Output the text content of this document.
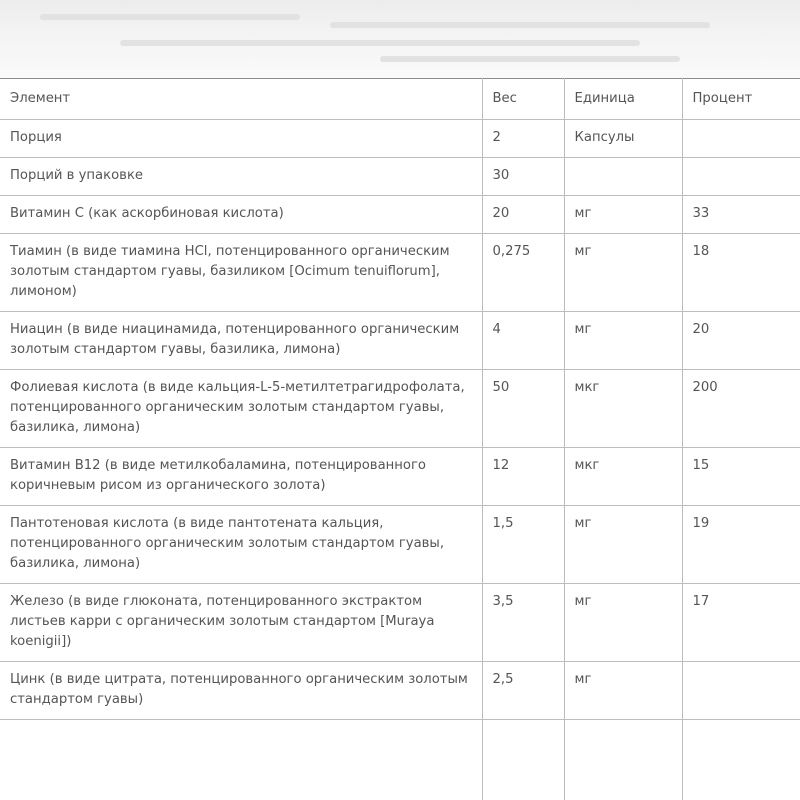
Элемент	Вес	Единица	Процент
Порция	2	Капсулы	
Порций в упаковке	30		
Витамин С (как аскорбиновая кислота)	20	мг	33
Тиамин (в виде тиамина HCl, потенцированного органическим золотым стандартом гуавы, базиликом [Ocimum tenuiflorum], лимоном)	0,275	мг	18
Ниацин (в виде ниацинамида, потенцированного органическим золотым стандартом гуавы, базилика, лимона)	4	мг	20
Фолиевая кислота (в виде кальция-L-5-метилтетрагидрофолата, потенцированного органическим золотым стандартом гуавы, базилика, лимона)	50	мкг	200
Витамин B12 (в виде метилкобаламина, потенцированного коричневым рисом из органического золота)	12	мкг	15
Пантотеновая кислота (в виде пантотената кальция, потенцированного органическим золотым стандартом гуавы, базилика, лимона)	1,5	мг	19
Железо (в виде глюконата, потенцированного экстрактом листьев карри с органическим золотым стандартом [Muraya koenigii])	3,5	мг	17
Цинк (в виде цитрата, потенцированного органическим золотым стандартом гуавы)	2,5	мг	
